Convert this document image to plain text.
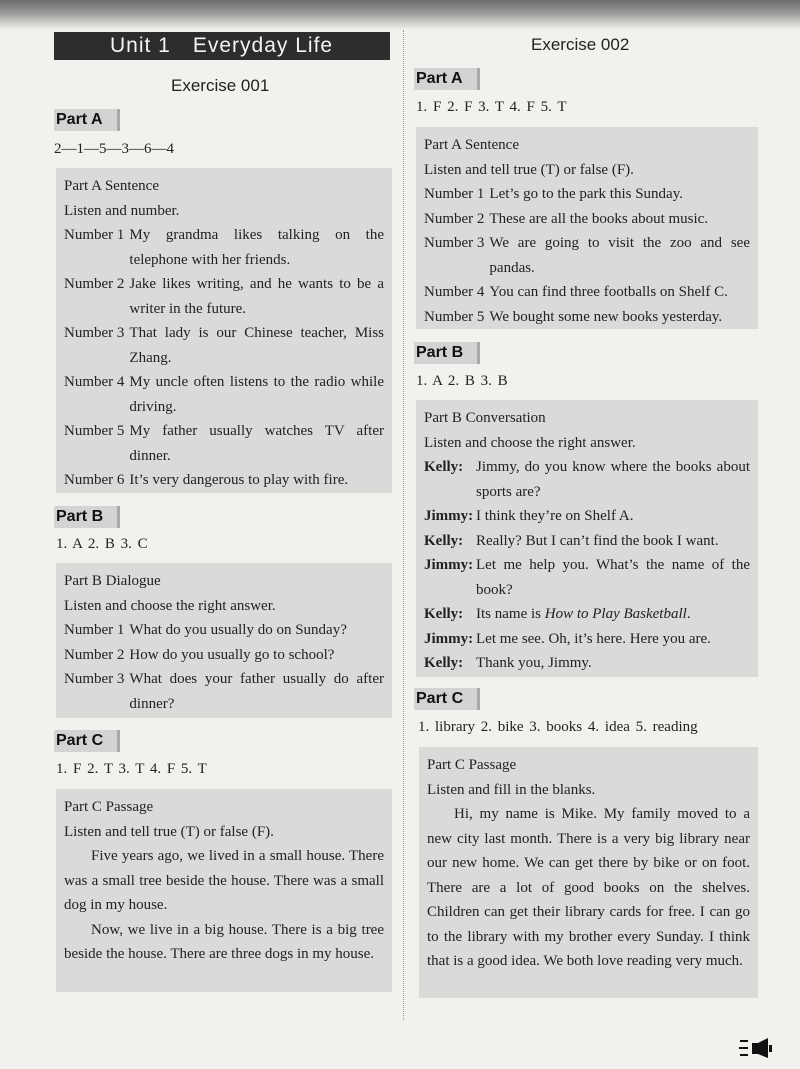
Unit 1 Everyday Life
Exercise 001
Part A
2—1—5—3—6—4
Part A Sentence
Listen and number.
Number 1 My grandma likes talking on the telephone with her friends.
Number 2 Jake likes writing, and he wants to be a writer in the future.
Number 3 That lady is our Chinese teacher, Miss Zhang.
Number 4 My uncle often listens to the radio while driving.
Number 5 My father usually watches TV after dinner.
Number 6 It’s very dangerous to play with fire.
Part B
1. A 2. B 3. C
Part B Dialogue
Listen and choose the right answer.
Number 1 What do you usually do on Sunday?
Number 2 How do you usually go to school?
Number 3 What does your father usually do after dinner?
Part C
1. F 2. T 3. T 4. F 5. T
Part C Passage
Listen and tell true (T) or false (F).
Five years ago, we lived in a small house. There was a small tree beside the house. There was a small dog in my house.
Now, we live in a big house. There is a big tree beside the house. There are three dogs in my house.
Exercise 002
Part A
1. F 2. F 3. T 4. F 5. T
Part A Sentence
Listen and tell true (T) or false (F).
Number 1 Let’s go to the park this Sunday.
Number 2 These are all the books about music.
Number 3 We are going to visit the zoo and see pandas.
Number 4 You can find three footballs on Shelf C.
Number 5 We bought some new books yesterday.
Part B
1. A 2. B 3. B
Part B Conversation
Listen and choose the right answer.
Kelly: Jimmy, do you know where the books about sports are?
Jimmy: I think they’re on Shelf A.
Kelly: Really? But I can’t find the book I want.
Jimmy: Let me help you. What’s the name of the book?
Kelly: Its name is How to Play Basketball.
Jimmy: Let me see. Oh, it’s here. Here you are.
Kelly: Thank you, Jimmy.
Part C
1. library 2. bike 3. books 4. idea 5. reading
Part C Passage
Listen and fill in the blanks.
Hi, my name is Mike. My family moved to a new city last month. There is a very big library near our new home. We can get there by bike or on foot. There are a lot of good books on the shelves. Children can get their library cards for free. I can go to the library with my brother every Sunday. I think that is a good idea. We both love reading very much.
